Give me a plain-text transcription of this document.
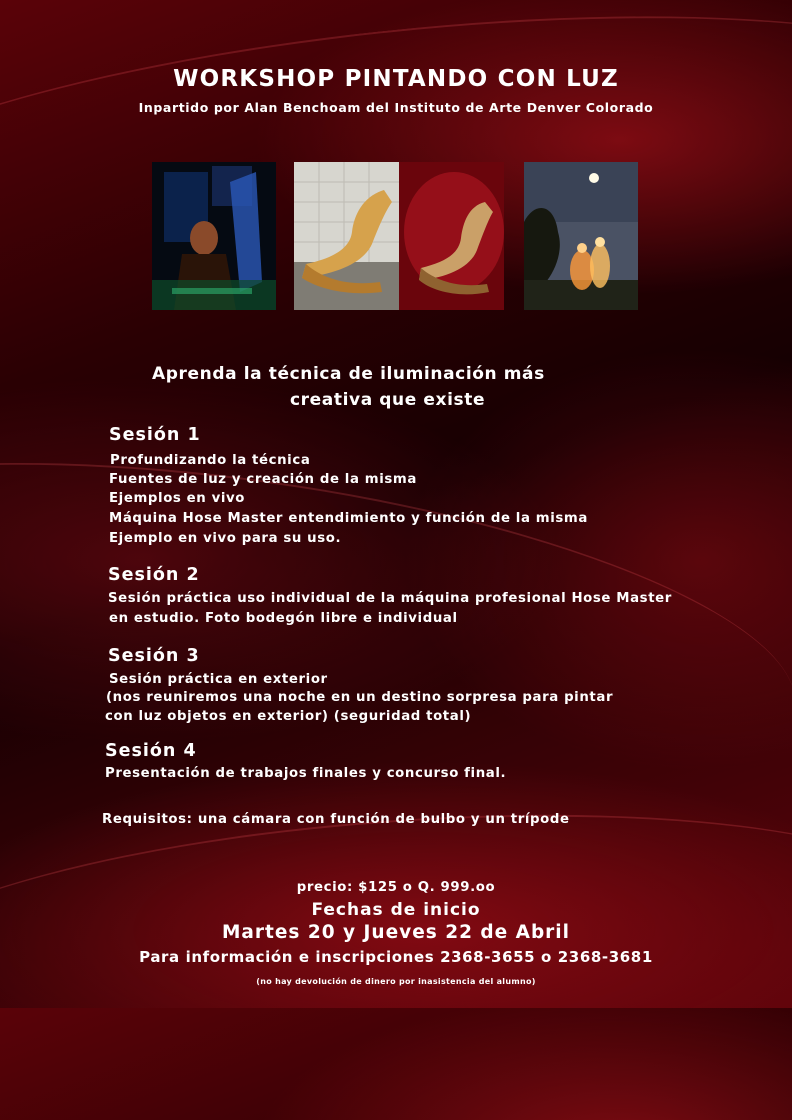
WORKSHOP PINTANDO CON LUZ
Inpartido por Alan Benchoam del Instituto de Arte Denver Colorado
Aprenda la técnica de iluminación más
creativa que existe
Sesión 1
Profundizando la técnica
Fuentes de luz y creación de la misma
Ejemplos en vivo
Máquina Hose Master entendimiento y función de la misma
Ejemplo en vivo para su uso.
Sesión 2
Sesión práctica uso individual de la máquina profesional Hose Master
en estudio. Foto bodegón libre e individual
Sesión 3
Sesión práctica en exterior
(nos reuniremos una noche en un destino sorpresa para pintar
con luz objetos en exterior) (seguridad total)
Sesión 4
Presentación de trabajos finales y concurso final.
Requisitos: una cámara con función de bulbo y un trípode
precio: $125 o Q. 999.oo
Fechas de inicio
Martes 20 y Jueves 22 de Abril
Para información e inscripciones 2368-3655 o 2368-3681
(no hay devolución de dinero por inasistencia del alumno)
